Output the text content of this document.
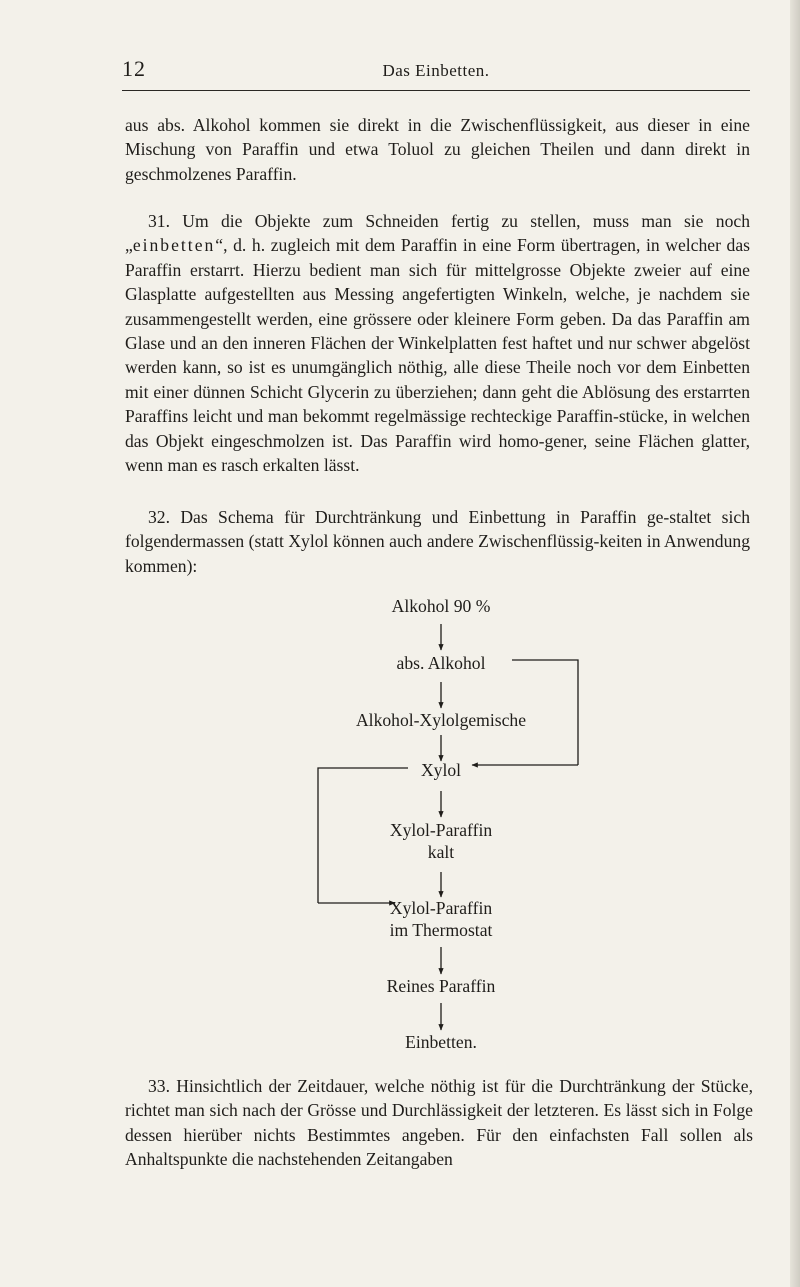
12	Das Einbetten.

aus abs. Alkohol kommen sie direkt in die Zwischenflüssigkeit, aus dieser in eine Mischung von Paraffin und etwa Toluol zu gleichen Theilen und dann direkt in geschmolzenes Paraffin.

31. Um die Objekte zum Schneiden fertig zu stellen, muss man sie noch „einbetten“, d. h. zugleich mit dem Paraffin in eine Form übertragen, in welcher das Paraffin erstarrt. Hierzu bedient man sich für mittelgrosse Objekte zweier auf eine Glasplatte aufgestellten aus Messing angefertigten Winkeln, welche, je nachdem sie zusammengestellt werden, eine grössere oder kleinere Form geben. Da das Paraffin am Glase und an den inneren Flächen der Winkelplatten fest haftet und nur schwer abgelöst werden kann, so ist es unumgänglich nöthig, alle diese Theile noch vor dem Einbetten mit einer dünnen Schicht Glycerin zu überziehen; dann geht die Ablösung des erstarrten Paraffins leicht und man bekommt regelmässige rechteckige Paraffin-stücke, in welchen das Objekt eingeschmolzen ist. Das Paraffin wird homo-gener, seine Flächen glatter, wenn man es rasch erkalten lässt.

32. Das Schema für Durchtränkung und Einbettung in Paraffin ge-staltet sich folgendermassen (statt Xylol können auch andere Zwischenflüssig-keiten in Anwendung kommen):

Alkohol 90 %
abs. Alkohol
Alkohol-Xylolgemische
Xylol
Xylol-Paraffin
kalt
Xylol-Paraffin
im Thermostat
Reines Paraffin
Einbetten.

33. Hinsichtlich der Zeitdauer, welche nöthig ist für die Durchtränkung der Stücke, richtet man sich nach der Grösse und Durchlässigkeit der letzteren. Es lässt sich in Folge dessen hierüber nichts Bestimmtes angeben. Für den einfachsten Fall sollen als Anhaltspunkte die nachstehenden Zeitangaben
